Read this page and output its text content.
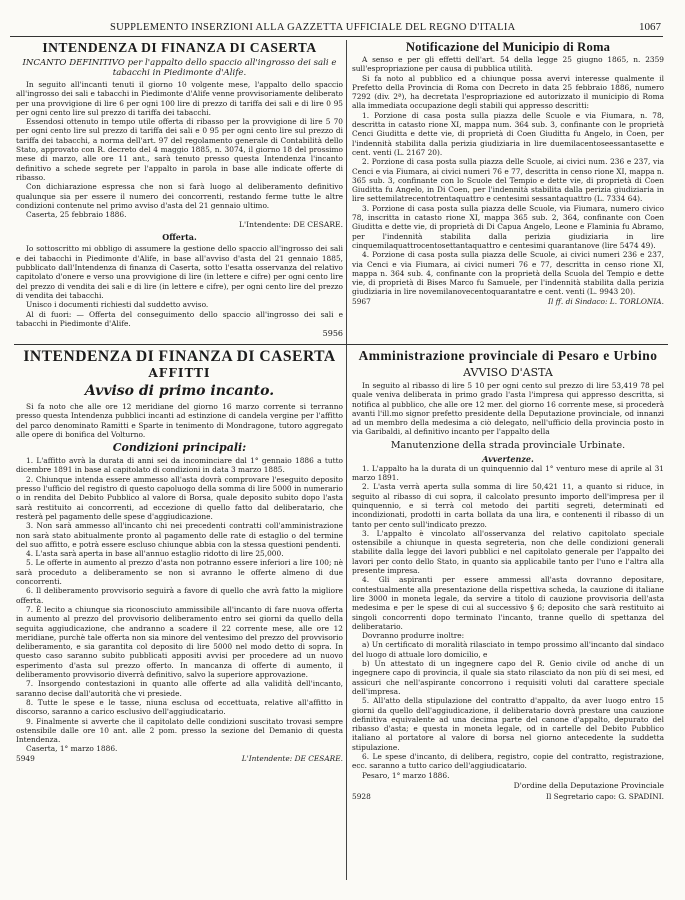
SUPPLEMENTO INSERZIONI ALLA GAZZETTA UFFICIALE DEL REGNO D'ITALIA	1067
INTENDENZA DI FINANZA DI CASERTA
INCANTO DEFINITIVO per l'appalto dello spaccio all'ingrosso dei sali e tabacchi in Piedimonte d'Alife.

In seguito all'incanti tenuti il giorno 10 volgente mese, l'appalto dello spaccio all'ingrosso dei sali e tabacchi in Piedimonte d'Alife venne provvisoriamente deliberato per una provvigione di lire 6 per ogni 100 lire di prezzo di tariffa dei sali e di lire 0 95 per ogni cento lire sul prezzo di tariffa dei tabacchi.

Essendosi ottenuto in tempo utile offerta di ribasso per la provvigione di lire 5 70 per ogni cento lire sul prezzo di tariffa dei sali e 0 95 per ogni cento lire sul prezzo di tariffa dei tabacchi, a norma dell'art. 97 del regolamento generale di Contabilità dello Stato, approvato con R. decreto del 4 maggio 1885, n. 3074, il giorno 18 del prossimo mese di marzo, alle ore 11 ant., sarà tenuto presso questa Intendenza l'incanto definitivo a schede segrete per l'appalto in parola in base alle indicate offerte di ribasso.

Con dichiarazione espressa che non si farà luogo al deliberamento definitivo qualunque sia per essere il numero dei concorrenti, restando ferme tutte le altre condizioni contenute nel primo avviso d'asta del 21 gennaio ultimo.

Caserta, 25 febbraio 1886.

L'Intendente: DE CESARE.
Offerta.

Io sottoscritto mi obbligo di assumere la gestione dello spaccio all'ingrosso dei sali e dei tabacchi in Piedimonte d'Alife, in base all'avviso d'asta del 21 gennaio 1885, pubblicato dall'Intendenza di finanza di Caserta, sotto l'esatta osservanza del relativo capitolato d'onere e verso una provvigione di lire (in lettere e cifre) per ogni cento lire del prezzo di vendita dei sali e di lire (in lettere e cifre), per ogni cento lire del prezzo di vendita dei tabacchi.

Unisco i documenti richiesti dal suddetto avviso.

Al di fuori: — Offerta del conseguimento dello spaccio all'ingrosso dei sali e tabacchi in Piedimonte d'Alife.

5956
Notificazione del Municipio di Roma

A senso e per gli effetti dell'art. 54 della legge 25 giugno 1865, n. 2359 sull'espropriazione per causa di pubblica utilità.

Si fa noto al pubblico ed a chiunque possa avervi interesse qualmente il Prefetto della Provincia di Roma con Decreto in data 25 febbraio 1886, numero 7292 (div. 2ª), ha decretata l'espropriazione ed autorizzato il municipio di Roma alla immediata occupazione degli stabili qui appresso descritti:

1. Porzione di casa posta sulla piazza delle Scuole e via Fiumara, n. 78, descritta in catasto rione XI, mappa num. 364 sub. 3, confinante con le proprietà Cenci Giuditta e dette vie, di proprietà di Coen Giuditta fu Angelo, in Coen, per l'indennità stabilita dalla perizia giudiziaria in lire duemilacentoseessantasette e cent. venti (L. 2167 20).

2. Porzione di casa posta sulla piazza delle Scuole, ai civici num. 236 e 237, via Cenci e via Fiumara, ai civici numeri 76 e 77, descritta in censo rione XI, mappa n. 365 sub. 3, confinante con lo Scuole del Tempio e dette vie, di proprietà di Coen Giuditta fu Angelo, in Di Coen, per l'indennità stabilita dalla perizia giudiziaria in lire settemilatrecentotrentaquattro e centesimi sessantaquattro (L. 7334 64).

3. Porzione di casa posta sulla piazza delle Scuole, via Fiumara, numero civico 78, inscritta in catasto rione XI, mappa 365 sub. 2, 364, confinante con Coen Giuditta e dette vie, di proprietà di Di Capua Angelo, Leone e Flaminia fu Abramo, per l'indennità stabilita dalla perizia giudiziaria in lire cinquemilaquattrocentosettantaquattro e centesimi quarantanove (lire 5474 49).

4. Porzione di casa posta sulla piazza delle Scuole, ai civici numeri 236 e 237, via Cenci e via Fiumara, ai civici numeri 76 e 77, descritta in censo rione XI, mappa n. 364 sub. 4, confinante con la proprietà della Scuola del Tempio e dette vie, di proprietà di Bises Marco fu Samuele, per l'indennità stabilita dalla perizia giudiziaria in lire novemilanovecentoquarantatre e cent. venti (L. 9943 20).

5967	Il ff. di Sindaco: L. TORLONIA.
INTENDENZA DI FINANZA DI CASERTA
AFFITTI
Avviso di primo incanto.

Si fa noto che alle ore 12 meridiane del giorno 16 marzo corrente si terranno presso questa Intendenza pubblici incanti ad estinzione di candela vergine per l'affitto del parco denominato Ramitti e Sparte in tenimento di Mondragone, tutoro aggregato alle opere di bonifica del Volturno.

Condizioni principali:

1. L'affitto avrà la durata di anni sei da incominciare dal 1° gennaio 1886 a tutto dicembre 1891 in base al capitolato di condizioni in data 3 marzo 1885.

2. Chiunque intenda essere ammesso all'asta dovrà comprovare l'eseguito deposito presso l'ufficio del registro di questo capoluogo della somma di lire 5000 in numerario o in rendita del Debito Pubblico al valore di Borsa, quale deposito subito dopo l'asta sarà restituito ai concorrenti, ad eccezione di quello fatto dal deliberatario, che resterà pel pagamento delle spese d'aggiudicazione.

3. Non sarà ammesso all'incanto chi nei precedenti contratti coll'amministrazione non sarà stato abitualmente pronto al pagamento delle rate di estaglio o del termine del suo affitto, e potrà essere escluso chiunque abbia con la stessa questioni pendenti.

4. L'asta sarà aperta in base all'annuo estaglio ridotto di lire 25,000.

5. Le offerte in aumento al prezzo d'asta non potranno essere inferiori a lire 100; nè sarà proceduto a deliberamento se non si avranno le offerte almeno di due concorrenti.

6. Il deliberamento provvisorio seguirà a favore di quello che avrà fatto la migliore offerta.

7. È lecito a chiunque sia riconosciuto ammissibile all'incanto di fare nuova offerta in aumento al prezzo del provvisorio deliberamento entro sei giorni da quello della seguita aggiudicazione, che andranno a scadere il 22 corrente mese, alle ore 12 meridiane, purchè tale offerta non sia minore del ventesimo del prezzo del provvisorio deliberamento, e sia garantita col deposito di lire 5000 nel modo detto di sopra. In questo caso saranno subito pubblicati appositi avvisi per procedere ad un nuovo esperimento d'asta sul prezzo offerto. In mancanza di offerte di aumento, il deliberamento provvisorio diverrà definitivo, salvo la superiore approvazione.

7. Insorgendo contestazioni in quanto alle offerte ad alla validità dell'incanto, saranno decise dall'autorità che vi presiede.

8. Tutte le spese e le tasse, niuna esclusa od eccettuata, relative all'affitto in discorso, saranno a carico esclusivo dell'aggiudicatario.

9. Finalmente si avverte che il capitolato delle condizioni suscitato trovasi sempre ostensibile dalle ore 10 ant. alle 2 pom. presso la sezione del Demanio di questa Intendenza.

Caserta, 1° marzo 1886.

5949	L'Intendente: DE CESARE.
Amministrazione provinciale di Pesaro e Urbino
AVVISO D'ASTA

In seguito al ribasso di lire 5 10 per ogni cento sul prezzo di lire 53,419 78 pel quale veniva deliberata in primo grado l'asta l'impresa qui appresso descritta, si notifica al pubblico, che alle ore 12 mer. del giorno 16 corrente mese, si procederà avanti l'ill.mo signor prefetto presidente della Deputazione provinciale, od innanzi ad un membro della medesima a ciò delegato, nell'ufficio della provincia posto in via Garibaldi, al definitivo incanto per l'appalto della

Manutenzione della strada provinciale Urbinate.
Avvertenze.

1. L'appalto ha la durata di un quinquennio dal 1° venturo mese di aprile al 31 marzo 1891.

2. L'asta verrà aperta sulla somma di lire 50,421 11, a quanto si riduce, in seguito al ribasso di cui sopra, il calcolato presunto importo dell'impresa per il quinquennio, e si terrà col metodo dei partiti segreti, determinati ed incondizionati, prodotti in carta bollata da una lira, e contenenti il ribasso di un tanto per cento sull'indicato prezzo.

3. L'appalto è vincolato all'osservanza del relativo capitolato speciale ostensibile a chiunque in questa segreteria, non che delle condizioni generali stabilite dalla legge dei lavori pubblici e nel capitolato generale per l'appalto dei lavori per conto dello Stato, in quanto sia applicabile tanto per l'uno e l'altra alla presente impresa.

4. Gli aspiranti per essere ammessi all'asta dovranno depositare, contestualmente alla presentazione della rispettiva scheda, la cauzione di italiane lire 3000 in moneta legale, da servire a titolo di cauzione provvisoria dell'asta medesima e per le spese di cui al successivo § 6; deposito che sarà restituito ai singoli concorrenti dopo terminato l'incanto, tranne quello di spettanza del deliberatario.

Dovranno produrre inoltre:

a) Un certificato di moralità rilasciato in tempo prossimo all'incanto dal sindaco del luogo di attuale loro domicilio, e

b) Un attestato di un ingegnere capo del R. Genio civile od anche di un ingegnere capo di provincia, il quale sia stato rilasciato da non più di sei mesi, ed assicuri che nell'aspirante concorrono i requisiti voluti dal carattere speciale dell'impresa.

5. All'atto della stipulazione del contratto d'appalto, da aver luogo entro 15 giorni da quello dell'aggiudicazione, il deliberatario dovrà prestare una cauzione definitiva equivalente ad una decima parte del canone d'appalto, depurato del ribasso d'asta; e questa in moneta legale, od in cartelle del Debito Pubblico italiano al portatore al valore di borsa nel giorno antecedente la suddetta stipulazione.

6. Le spese d'incanto, di delibera, registro, copie del contratto, registrazione, ecc. saranno a tutto carico dell'aggiudicatario.

Pesaro, 1° marzo 1886.

D'ordine della Deputazione Provinciale
5928	Il Segretario capo: G. SPADINI.
